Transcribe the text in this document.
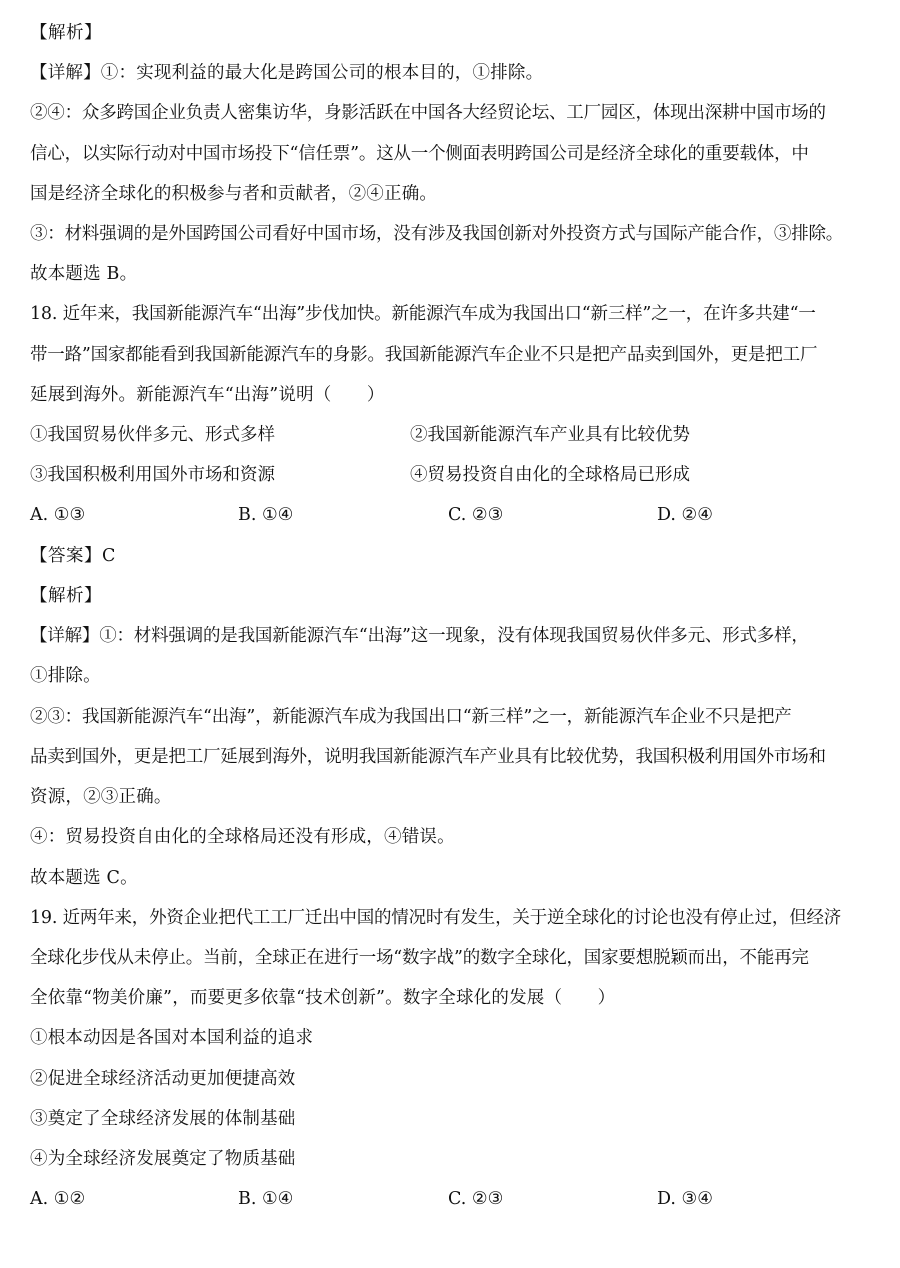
【解析】
【详解】①：实现利益的最大化是跨国公司的根本目的，①排除。
②④：众多跨国企业负责人密集访华，身影活跃在中国各大经贸论坛、工厂园区，体现出深耕中国市场的
信心，以实际行动对中国市场投下“信任票”。这从一个侧面表明跨国公司是经济全球化的重要载体，中
国是经济全球化的积极参与者和贡献者，②④正确。
③：材料强调的是外国跨国公司看好中国市场，没有涉及我国创新对外投资方式与国际产能合作，③排除。
故本题选 B。
18. 近年来，我国新能源汽车“出海”步伐加快。新能源汽车成为我国出口“新三样”之一，在许多共建“一
带一路”国家都能看到我国新能源汽车的身影。我国新能源汽车企业不只是把产品卖到国外，更是把工厂
延展到海外。新能源汽车“出海”说明（　　）
①我国贸易伙伴多元、形式多样	②我国新能源汽车产业具有比较优势
③我国积极利用国外市场和资源	④贸易投资自由化的全球格局已形成
A. ①③	B. ①④	C. ②③	D. ②④
【答案】C
【解析】
【详解】①：材料强调的是我国新能源汽车“出海”这一现象，没有体现我国贸易伙伴多元、形式多样，
①排除。
②③：我国新能源汽车“出海”，新能源汽车成为我国出口“新三样”之一，新能源汽车企业不只是把产
品卖到国外，更是把工厂延展到海外，说明我国新能源汽车产业具有比较优势，我国积极利用国外市场和
资源，②③正确。
④：贸易投资自由化的全球格局还没有形成，④错误。
故本题选 C。
19. 近两年来，外资企业把代工工厂迁出中国的情况时有发生，关于逆全球化的讨论也没有停止过，但经济
全球化步伐从未停止。当前，全球正在进行一场“数字战”的数字全球化，国家要想脱颖而出，不能再完
全依靠“物美价廉”，而要更多依靠“技术创新”。数字全球化的发展（　　）
①根本动因是各国对本国利益的追求
②促进全球经济活动更加便捷高效
③奠定了全球经济发展的体制基础
④为全球经济发展奠定了物质基础
A. ①②	B. ①④	C. ②③	D. ③④
